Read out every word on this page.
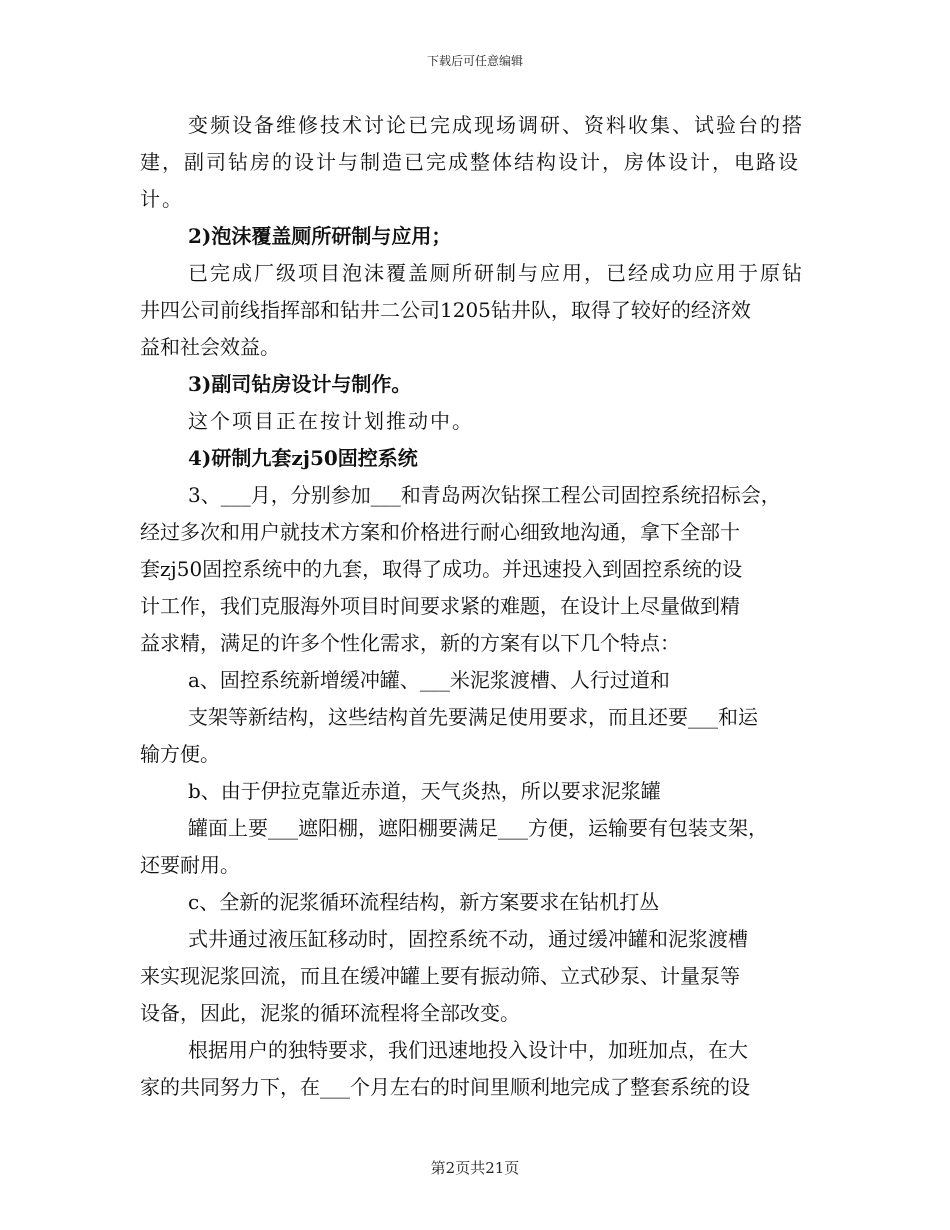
下载后可任意编辑

变频设备维修技术讨论已完成现场调研、资料收集、试验台的搭

建，副司钻房的设计与制造已完成整体结构设计，房体设计，电路设

计。

2)泡沫覆盖厕所研制与应用；

已完成厂级项目泡沫覆盖厕所研制与应用，已经成功应用于原钻

井四公司前线指挥部和钻井二公司1205钻井队，取得了较好的经济效

益和社会效益。

3)副司钻房设计与制作。

这个项目正在按计划推动中。

4)研制九套zj50固控系统

3、___月，分别参加___和青岛两次钻探工程公司固控系统招标会，

经过多次和用户就技术方案和价格进行耐心细致地沟通，拿下全部十

套zj50固控系统中的九套，取得了成功。并迅速投入到固控系统的设

计工作，我们克服海外项目时间要求紧的难题，在设计上尽量做到精

益求精，满足的许多个性化需求，新的方案有以下几个特点：

a、固控系统新增缓冲罐、___米泥浆渡槽、人行过道和

支架等新结构，这些结构首先要满足使用要求，而且还要___和运

输方便。

b、由于伊拉克靠近赤道，天气炎热，所以要求泥浆罐

罐面上要___遮阳棚，遮阳棚要满足___方便，运输要有包装支架，

还要耐用。

c、全新的泥浆循环流程结构，新方案要求在钻机打丛

式井通过液压缸移动时，固控系统不动，通过缓冲罐和泥浆渡槽

来实现泥浆回流，而且在缓冲罐上要有振动筛、立式砂泵、计量泵等

设备，因此，泥浆的循环流程将全部改变。

根据用户的独特要求，我们迅速地投入设计中，加班加点，在大

家的共同努力下，在___个月左右的时间里顺利地完成了整套系统的设

第2页共21页
